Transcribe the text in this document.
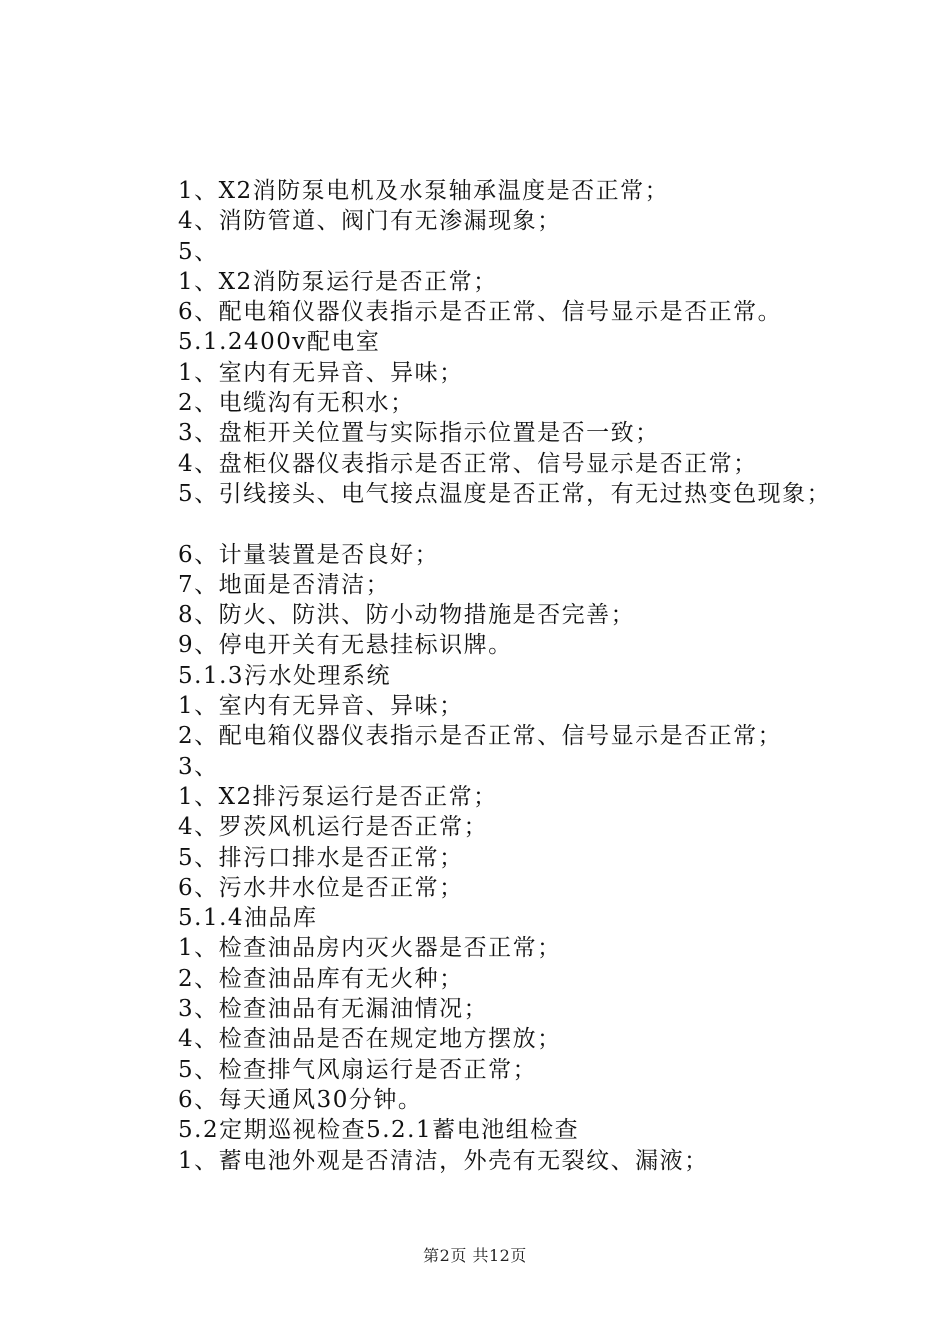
1、X2消防泵电机及水泵轴承温度是否正常；
4、消防管道、阀门有无渗漏现象；
5、
1、X2消防泵运行是否正常；
6、配电箱仪器仪表指示是否正常、信号显示是否正常。
5.1.2400v配电室
1、室内有无异音、异味；
2、电缆沟有无积水；
3、盘柜开关位置与实际指示位置是否一致；
4、盘柜仪器仪表指示是否正常、信号显示是否正常；
5、引线接头、电气接点温度是否正常，有无过热变色现象；
6、计量装置是否良好；
7、地面是否清洁；
8、防火、防洪、防小动物措施是否完善；
9、停电开关有无悬挂标识牌。
5.1.3污水处理系统
1、室内有无异音、异味；
2、配电箱仪器仪表指示是否正常、信号显示是否正常；
3、
1、X2排污泵运行是否正常；
4、罗茨风机运行是否正常；
5、排污口排水是否正常；
6、污水井水位是否正常；
5.1.4油品库
1、检查油品房内灭火器是否正常；
2、检查油品库有无火种；
3、检查油品有无漏油情况；
4、检查油品是否在规定地方摆放；
5、检查排气风扇运行是否正常；
6、每天通风30分钟。
5.2定期巡视检查5.2.1蓄电池组检查
1、蓄电池外观是否清洁，外壳有无裂纹、漏液；
第2页 共12页
